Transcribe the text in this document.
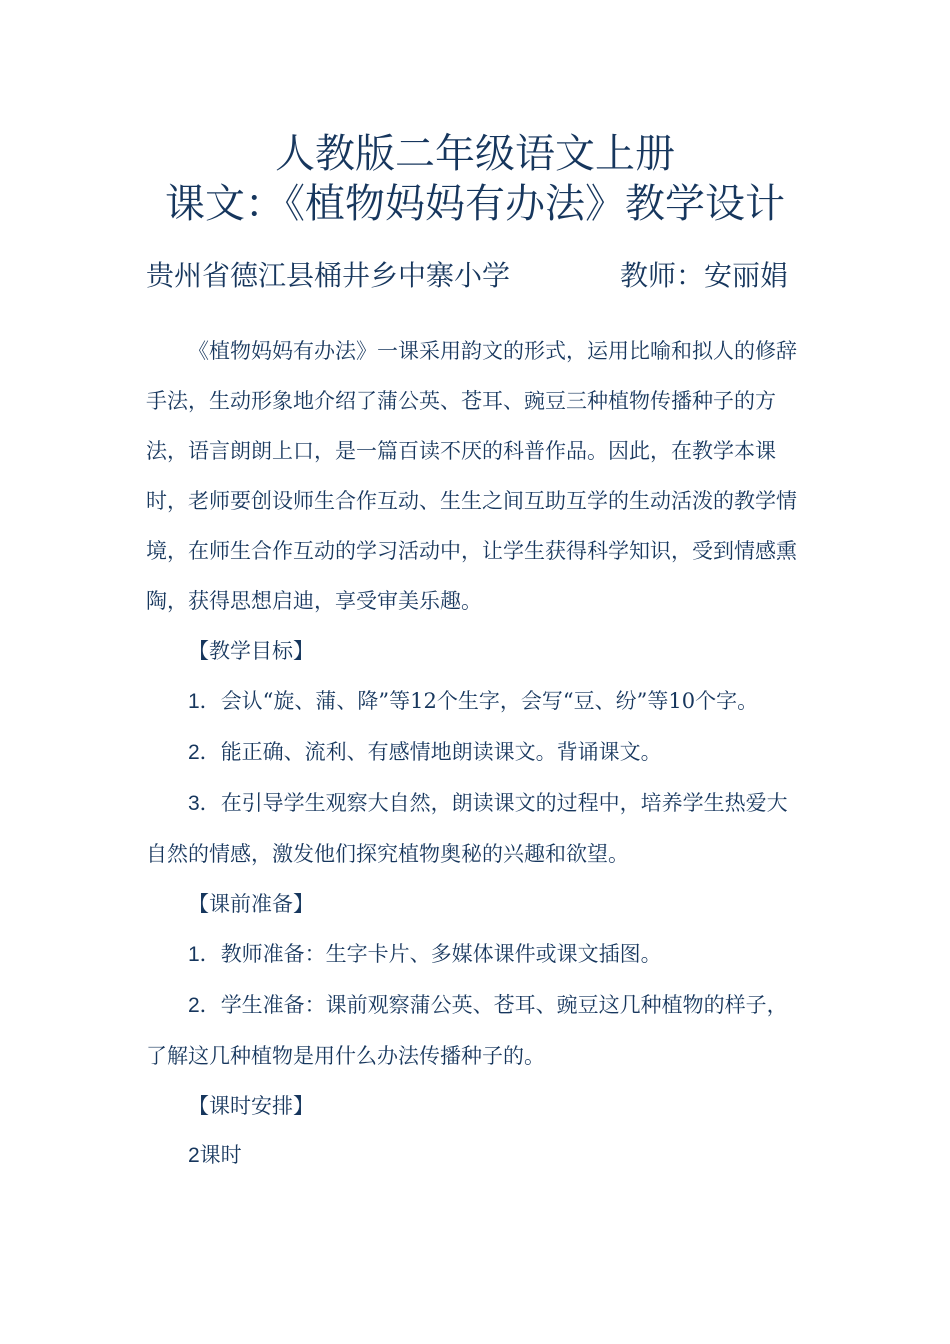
人教版二年级语文上册
课文：《植物妈妈有办法》教学设计
贵州省德江县桶井乡中寨小学	教师：安丽娟

《植物妈妈有办法》一课采用韵文的形式，运用比喻和拟人的修辞手法，生动形象地介绍了蒲公英、苍耳、豌豆三种植物传播种子的方法，语言朗朗上口，是一篇百读不厌的科普作品。因此，在教学本课时，老师要创设师生合作互动、生生之间互助互学的生动活泼的教学情境，在师生合作互动的学习活动中，让学生获得科学知识，受到情感熏陶，获得思想启迪，享受审美乐趣。

【教学目标】

1．会认“旋、蒲、降”等12个生字，会写“豆、纷”等10个字。

2．能正确、流利、有感情地朗读课文。背诵课文。

3．在引导学生观察大自然，朗读课文的过程中，培养学生热爱大自然的情感，激发他们探究植物奥秘的兴趣和欲望。

【课前准备】

1．教师准备：生字卡片、多媒体课件或课文插图。

2．学生准备：课前观察蒲公英、苍耳、豌豆这几种植物的样子，了解这几种植物是用什么办法传播种子的。

【课时安排】

2课时
